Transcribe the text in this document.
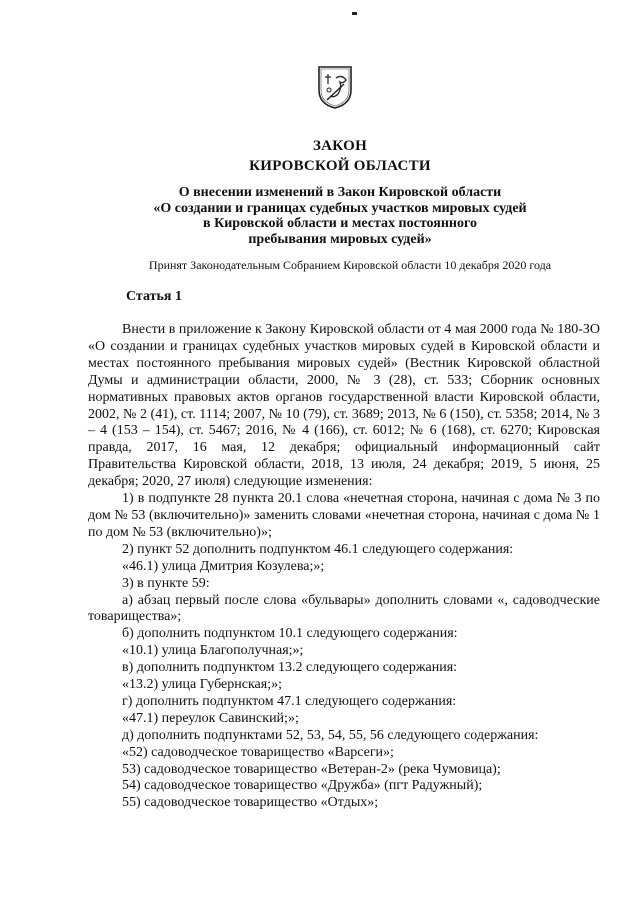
ЗАКОН
КИРОВСКОЙ ОБЛАСТИ
О внесении изменений в Закон Кировской области
«О создании и границах судебных участков мировых судей
в Кировской области и местах постоянного
пребывания мировых судей»
Принят Законодательным Собранием Кировской области 10 декабря 2020 года
Статья 1

Внести в приложение к Закону Кировской области от 4 мая 2000 года № 180-ЗО «О создании и границах судебных участков мировых судей в Кировской области и местах постоянного пребывания мировых судей» (Вестник Кировской областной Думы и администрации области, 2000, № 3 (28), ст. 533; Сборник основных нормативных правовых актов органов государственной власти Кировской области, 2002, № 2 (41), ст. 1114; 2007, № 10 (79), ст. 3689; 2013, № 6 (150), ст. 5358; 2014, № 3 – 4 (153 – 154), ст. 5467; 2016, № 4 (166), ст. 6012; № 6 (168), ст. 6270; Кировская правда, 2017, 16 мая, 12 декабря; официальный информационный сайт Правительства Кировской области, 2018, 13 июля, 24 декабря; 2019, 5 июня, 25 декабря; 2020, 27 июля) следующие изменения:

1) в подпункте 28 пункта 20.1 слова «нечетная сторона, начиная с дома № 3 по дом № 53 (включительно)» заменить словами «нечетная сторона, начиная с дома № 1 по дом № 53 (включительно)»;

2) пункт 52 дополнить подпунктом 46.1 следующего содержания:

«46.1) улица Дмитрия Козулева;»;

3) в пункте 59:

а) абзац первый после слова «бульвары» дополнить словами «, садоводческие товарищества»;

б) дополнить подпунктом 10.1 следующего содержания:

«10.1) улица Благополучная;»;

в) дополнить подпунктом 13.2 следующего содержания:

«13.2) улица Губернская;»;

г) дополнить подпунктом 47.1 следующего содержания:

«47.1) переулок Савинский;»;

д) дополнить подпунктами 52, 53, 54, 55, 56 следующего содержания:

«52) садоводческое товарищество «Варсеги»;

53) садоводческое товарищество «Ветеран-2» (река Чумовица);

54) садоводческое товарищество «Дружба» (пгт Радужный);

55) садоводческое товарищество «Отдых»;
